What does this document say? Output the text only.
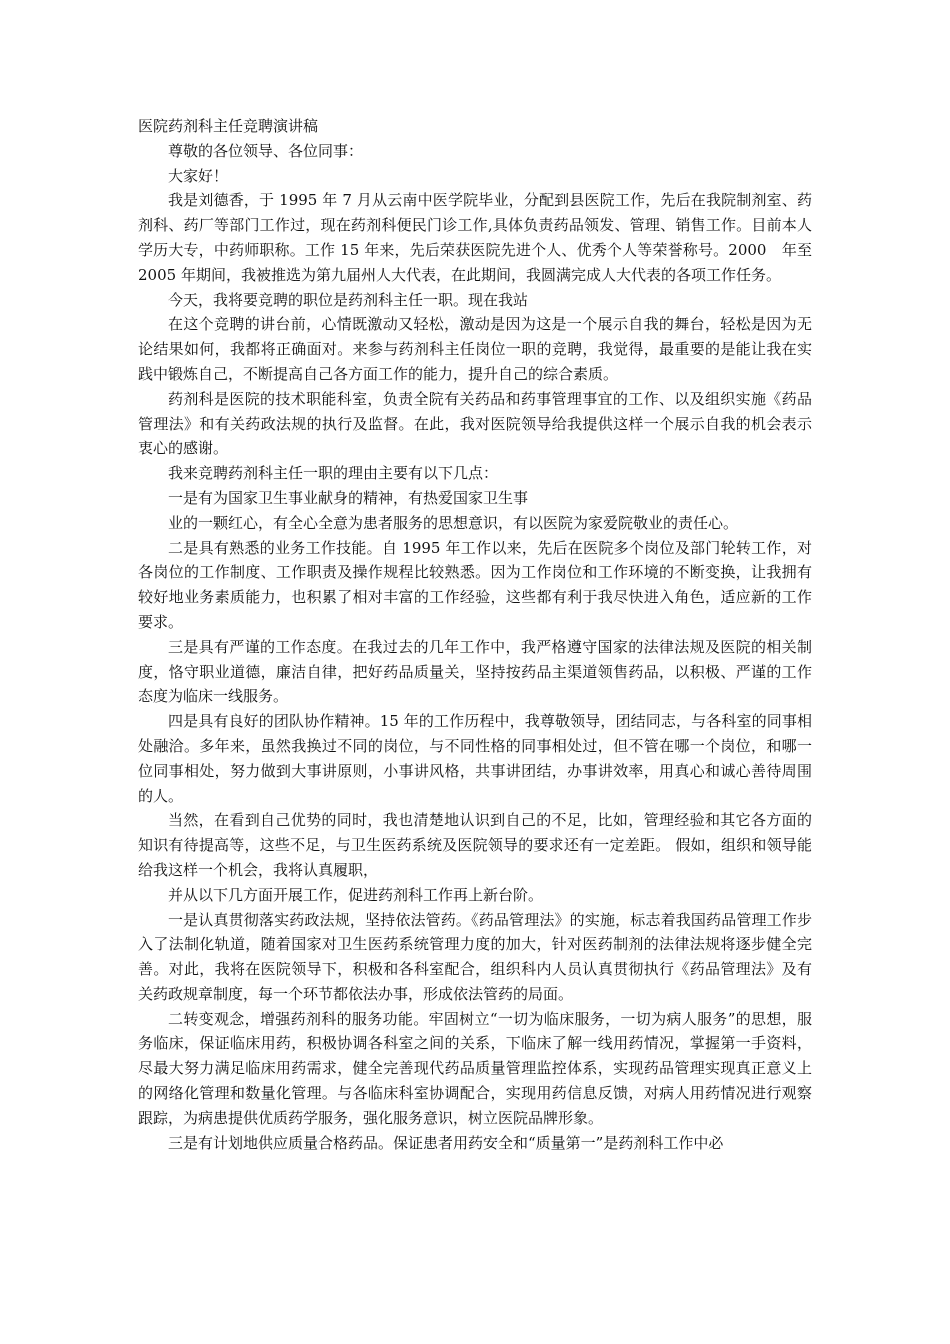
医院药剂科主任竞聘演讲稿

尊敬的各位领导、各位同事：

大家好！

我是刘德香，于 1995 年 7 月从云南中医学院毕业，分配到县医院工作，先后在我院制剂室、药剂科、药厂等部门工作过，现在药剂科便民门诊工作,具体负责药品领发、管理、销售工作。目前本人学历大专，中药师职称。工作 15 年来，先后荣获医院先进个人、优秀个人等荣誉称号。2000　年至 2005 年期间，我被推选为第九届州人大代表，在此期间，我圆满完成人大代表的各项工作任务。

今天，我将要竞聘的职位是药剂科主任一职。现在我站

在这个竞聘的讲台前，心情既激动又轻松，激动是因为这是一个展示自我的舞台，轻松是因为无论结果如何，我都将正确面对。来参与药剂科主任岗位一职的竞聘，我觉得，最重要的是能让我在实践中锻炼自己，不断提高自己各方面工作的能力，提升自己的综合素质。

药剂科是医院的技术职能科室，负责全院有关药品和药事管理事宜的工作、以及组织实施《药品管理法》和有关药政法规的执行及监督。在此，我对医院领导给我提供这样一个展示自我的机会表示衷心的感谢。

我来竞聘药剂科主任一职的理由主要有以下几点：

一是有为国家卫生事业献身的精神，有热爱国家卫生事

业的一颗红心，有全心全意为患者服务的思想意识，有以医院为家爱院敬业的责任心。

二是具有熟悉的业务工作技能。自 1995 年工作以来，先后在医院多个岗位及部门轮转工作，对各岗位的工作制度、工作职责及操作规程比较熟悉。因为工作岗位和工作环境的不断变换，让我拥有较好地业务素质能力，也积累了相对丰富的工作经验，这些都有利于我尽快进入角色，适应新的工作要求。

三是具有严谨的工作态度。在我过去的几年工作中，我严格遵守国家的法律法规及医院的相关制度，恪守职业道德，廉洁自律，把好药品质量关，坚持按药品主渠道领售药品，以积极、严谨的工作态度为临床一线服务。

四是具有良好的团队协作精神。15 年的工作历程中，我尊敬领导，团结同志，与各科室的同事相处融洽。多年来，虽然我换过不同的岗位，与不同性格的同事相处过，但不管在哪一个岗位，和哪一位同事相处，努力做到大事讲原则，小事讲风格，共事讲团结，办事讲效率，用真心和诚心善待周围的人。

当然，在看到自己优势的同时，我也清楚地认识到自己的不足，比如，管理经验和其它各方面的知识有待提高等，这些不足，与卫生医药系统及医院领导的要求还有一定差距。 假如，组织和领导能给我这样一个机会，我将认真履职，

并从以下几方面开展工作，促进药剂科工作再上新台阶。

一是认真贯彻落实药政法规，坚持依法管药。《药品管理法》的实施，标志着我国药品管理工作步入了法制化轨道，随着国家对卫生医药系统管理力度的加大，针对医药制剂的法律法规将逐步健全完善。对此，我将在医院领导下，积极和各科室配合，组织科内人员认真贯彻执行《药品管理法》及有关药政规章制度，每一个环节都依法办事，形成依法管药的局面。

二转变观念，增强药剂科的服务功能。牢固树立“一切为临床服务，一切为病人服务”的思想，服务临床，保证临床用药，积极协调各科室之间的关系，下临床了解一线用药情况，掌握第一手资料，尽最大努力满足临床用药需求，健全完善现代药品质量管理监控体系，实现药品管理实现真正意义上的网络化管理和数量化管理。与各临床科室协调配合，实现用药信息反馈，对病人用药情况进行观察跟踪，为病患提供优质药学服务，强化服务意识，树立医院品牌形象。

三是有计划地供应质量合格药品。保证患者用药安全和“质量第一”是药剂科工作中必
